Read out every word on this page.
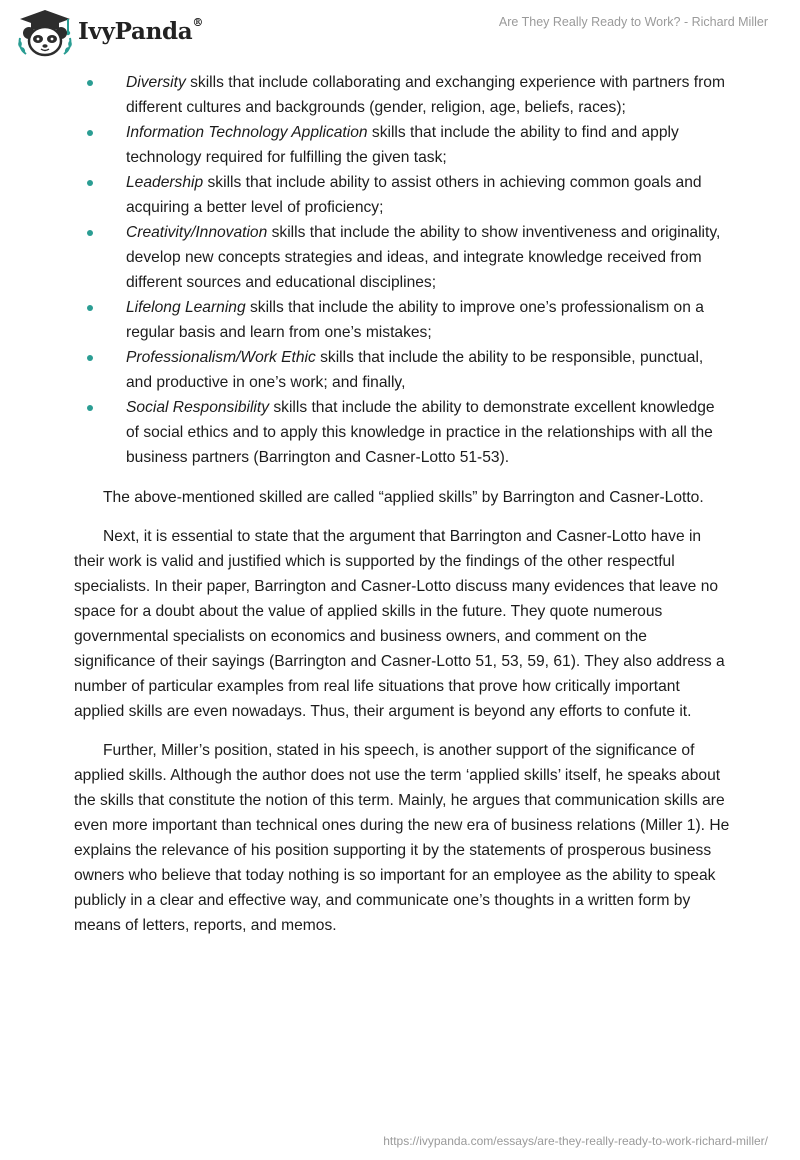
IvyPanda®	Are They Really Ready to Work? - Richard Miller
Diversity skills that include collaborating and exchanging experience with partners from different cultures and backgrounds (gender, religion, age, beliefs, races);
Information Technology Application skills that include the ability to find and apply technology required for fulfilling the given task;
Leadership skills that include ability to assist others in achieving common goals and acquiring a better level of proficiency;
Creativity/Innovation skills that include the ability to show inventiveness and originality, develop new concepts strategies and ideas, and integrate knowledge received from different sources and educational disciplines;
Lifelong Learning skills that include the ability to improve one’s professionalism on a regular basis and learn from one’s mistakes;
Professionalism/Work Ethic skills that include the ability to be responsible, punctual, and productive in one’s work; and finally,
Social Responsibility skills that include the ability to demonstrate excellent knowledge of social ethics and to apply this knowledge in practice in the relationships with all the business partners (Barrington and Casner-Lotto 51-53).

The above-mentioned skilled are called “applied skills” by Barrington and Casner-Lotto.

Next, it is essential to state that the argument that Barrington and Casner-Lotto have in their work is valid and justified which is supported by the findings of the other respectful specialists. In their paper, Barrington and Casner-Lotto discuss many evidences that leave no space for a doubt about the value of applied skills in the future. They quote numerous governmental specialists on economics and business owners, and comment on the significance of their sayings (Barrington and Casner-Lotto 51, 53, 59, 61). They also address a number of particular examples from real life situations that prove how critically important applied skills are even nowadays. Thus, their argument is beyond any efforts to confute it.

Further, Miller’s position, stated in his speech, is another support of the significance of applied skills. Although the author does not use the term ‘applied skills’ itself, he speaks about the skills that constitute the notion of this term. Mainly, he argues that communication skills are even more important than technical ones during the new era of business relations (Miller 1). He explains the relevance of his position supporting it by the statements of prosperous business owners who believe that today nothing is so important for an employee as the ability to speak publicly in a clear and effective way, and communicate one’s thoughts in a written form by means of letters, reports, and memos.

https://ivypanda.com/essays/are-they-really-ready-to-work-richard-miller/
